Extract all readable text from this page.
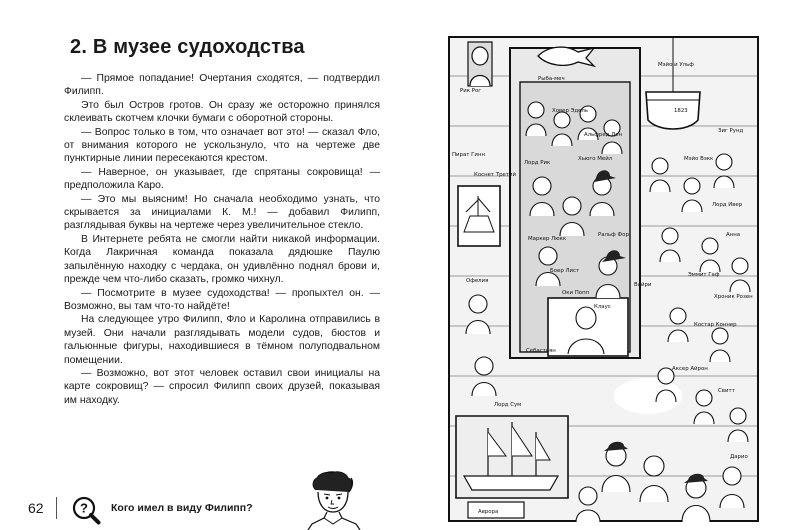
2. В музее судоходства

— Прямое попадание! Очертания сходятся, — подтвердил Филипп.

Это был Остров гротов. Он сразу же осторожно принялся склеивать скотчем клочки бумаги с оборотной стороны.

— Вопрос только в том, что означает вот это! — сказал Фло, от внимания которого не ускользнуло, что на чертеже две пунктирные линии пересекаются крестом.

— Наверное, он указывает, где спрятаны сокровища! — предположила Каро.

— Это мы выясним! Но сначала необходимо узнать, что скрывается за инициалами К. М.! — добавил Филипп, разглядывая буквы на чертеже через увеличительное стекло.

В Интернете ребята не смогли найти никакой информации. Когда Лакричная команда показала дядюшке Паулю запылённую находку с чердака, он удивлённо поднял брови и, прежде чем что-либо сказать, громко чихнул.

— Посмотрите в музее судоходства! — пропыхтел он. — Возможно, вы там что-то найдёте!

На следующее утро Филипп, Фло и Каролина отправились в музей. Они начали разглядывать модели судов, бюстов и гальюнные фигуры, находившиеся в тёмном полуподвальном помещении.

— Возможно, вот этот человек оставил свои инициалы на карте сокровищ? — спросил Филипп своих друзей, показывая им находку.

62	? Кого имел в виду Филипп?
Рыба-меч
Мэйо и Ульф
1823
Рик Рог
Пират Гинн
Коснет Третий
Ховер Эдель
Альфред Ден
Лорд Рик
Хьюго Мейл
Маркер Люкк
Ральф Фор
Мэйо Вэкк
Зиг Рунд
Лорд Ивер
Эммит Гаф
Анна
Хроник Розен
Костар Коннер
Аксер Айрон
Свитт
Дарио
Боер Лист
Клаус
Оки Попп
Вайри
Офелия
Лорд Сум
Себастьян
Аврора
